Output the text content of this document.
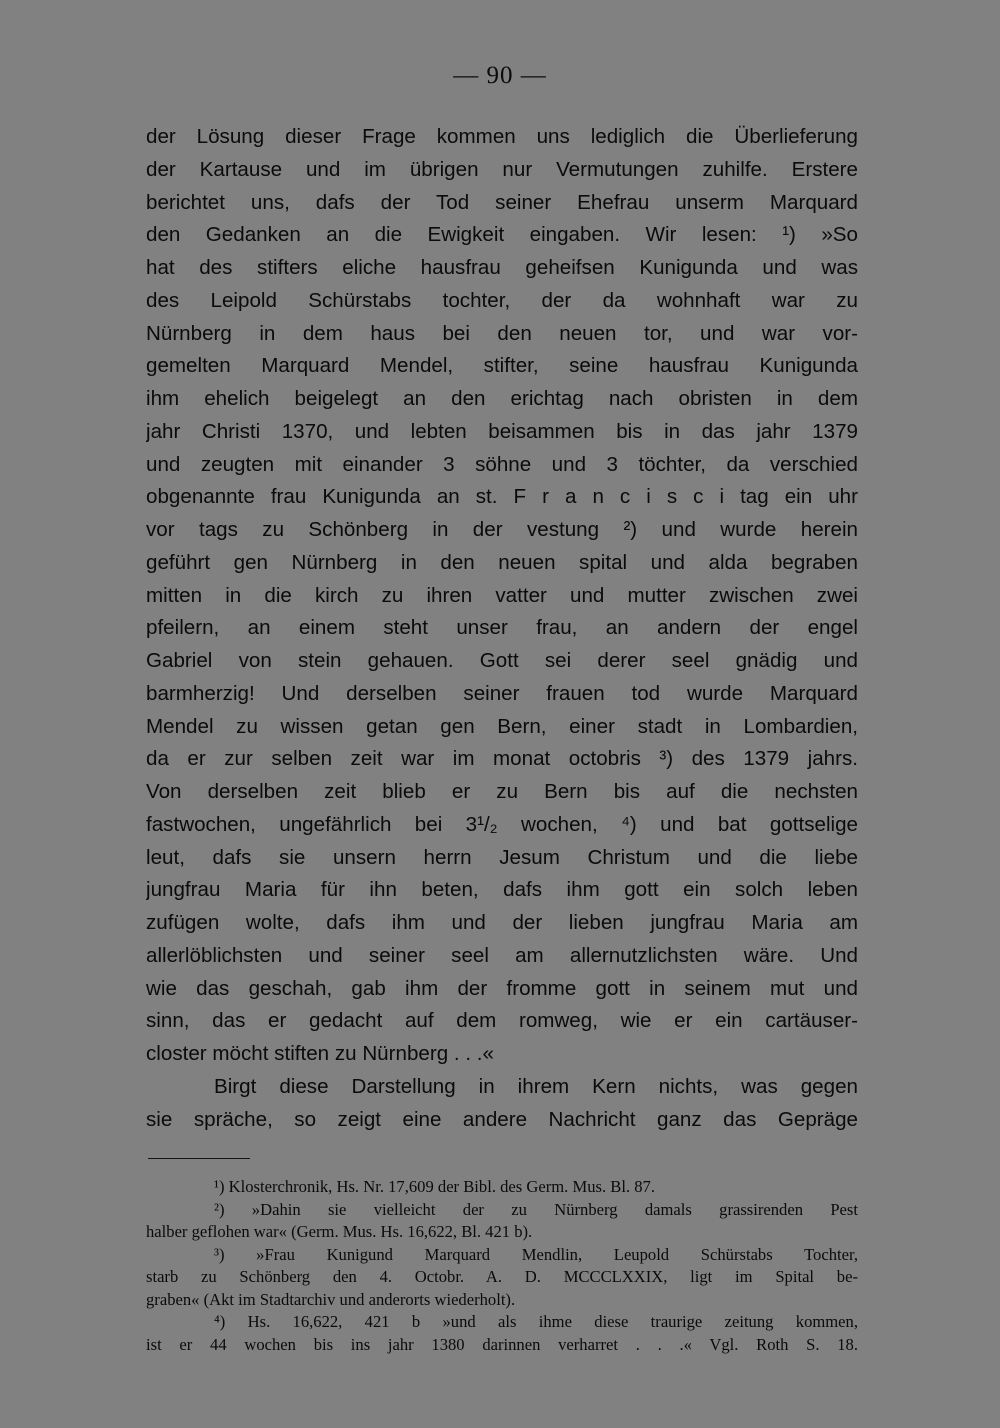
— 90 —
der Lösung dieser Frage kommen uns lediglich die Überlieferung
der Kartause und im übrigen nur Vermutungen zuhilfe. Erstere
berichtet uns, dafs der Tod seiner Ehefrau unserm Marquard
den Gedanken an die Ewigkeit eingaben. Wir lesen: ¹) »So
hat des stifters eliche hausfrau geheifsen Kunigunda und was
des Leipold Schürstabs tochter, der da wohnhaft war zu
Nürnberg in dem haus bei den neuen tor, und war vor-
gemelten Marquard Mendel, stifter, seine hausfrau Kunigunda
ihm ehelich beigelegt an den erichtag nach obristen in dem
jahr Christi 1370, und lebten beisammen bis in das jahr 1379
und zeugten mit einander 3 söhne und 3 töchter, da verschied
obgenannte frau Kunigunda an st. F r a n c i s c i tag ein uhr
vor tags zu Schönberg in der vestung ²) und wurde herein
geführt gen Nürnberg in den neuen spital und alda begraben
mitten in die kirch zu ihren vatter und mutter zwischen zwei
pfeilern, an einem steht unser frau, an andern der engel
Gabriel von stein gehauen. Gott sei derer seel gnädig und
barmherzig! Und derselben seiner frauen tod wurde Marquard
Mendel zu wissen getan gen Bern, einer stadt in Lombardien,
da er zur selben zeit war im monat octobris ³) des 1379 jahrs.
Von derselben zeit blieb er zu Bern bis auf die nechsten
fastwochen, ungefährlich bei 3¹/₂ wochen, ⁴) und bat gottselige
leut, dafs sie unsern herrn Jesum Christum und die liebe
jungfrau Maria für ihn beten, dafs ihm gott ein solch leben
zufügen wolte, dafs ihm und der lieben jungfrau Maria am
allerlöblichsten und seiner seel am allernutzlichsten wäre. Und
wie das geschah, gab ihm der fromme gott in seinem mut und
sinn, das er gedacht auf dem romweg, wie er ein cartäuser-
closter möcht stiften zu Nürnberg . . .«
Birgt diese Darstellung in ihrem Kern nichts, was gegen
sie spräche, so zeigt eine andere Nachricht ganz das Gepräge
¹) Klosterchronik, Hs. Nr. 17,609 der Bibl. des Germ. Mus. Bl. 87.
²) »Dahin sie vielleicht der zu Nürnberg damals grassirenden Pest
halber geflohen war« (Germ. Mus. Hs. 16,622, Bl. 421 b).
³) »Frau Kunigund Marquard Mendlin, Leupold Schürstabs Tochter,
starb zu Schönberg den 4. Octobr. A. D. MCCCLXXIX, ligt im Spital be-
graben« (Akt im Stadtarchiv und anderorts wiederholt).
⁴) Hs. 16,622, 421 b »und als ihme diese traurige zeitung kommen,
ist er 44 wochen bis ins jahr 1380 darinnen verharret . . .« Vgl. Roth S. 18.
